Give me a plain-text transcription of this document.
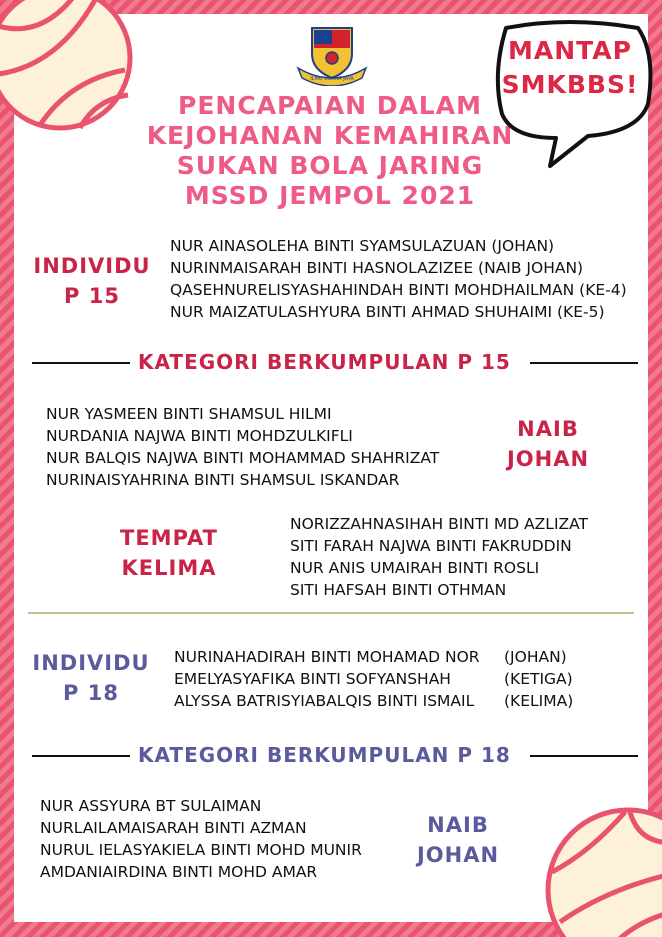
ILMU USAHA JAYA
PENCAPAIAN DALAM
KEJOHANAN KEMAHIRAN
SUKAN BOLA JARING
MSSD JEMPOL 2021
MANTAP
SMKBBS!
INDIVIDU
P 15
NUR AINASOLEHA BINTI SYAMSULAZUAN (JOHAN)
NURINMAISARAH BINTI HASNOLAZIZEE (NAIB JOHAN)
QASEHNURELISYASHAHINDAH BINTI MOHDHAILMAN (KE-4)
NUR MAIZATULASHYURA BINTI AHMAD SHUHAIMI (KE-5)
KATEGORI BERKUMPULAN P 15
NUR YASMEEN BINTI SHAMSUL HILMI
NURDANIA NAJWA BINTI MOHDZULKIFLI
NUR BALQIS NAJWA BINTI MOHAMMAD SHAHRIZAT
NURINAISYAHRINA BINTI SHAMSUL ISKANDAR
NAIB
JOHAN
TEMPAT
KELIMA
NORIZZAHNASIHAH BINTI MD AZLIZAT
SITI FARAH NAJWA BINTI FAKRUDDIN
NUR ANIS UMAIRAH BINTI ROSLI
SITI HAFSAH BINTI OTHMAN
INDIVIDU
P 18
NURINAHADIRAH BINTI MOHAMAD NOR	(JOHAN)
EMELYASYAFIKA BINTI SOFYANSHAH	(KETIGA)
ALYSSA BATRISYIABALQIS BINTI ISMAIL	(KELIMA)
KATEGORI BERKUMPULAN P 18
NUR ASSYURA BT SULAIMAN
NURLAILAMAISARAH BINTI AZMAN
NURUL IELASYAKIELA BINTI MOHD MUNIR
AMDANIAIRDINA BINTI MOHD AMAR
NAIB
JOHAN
